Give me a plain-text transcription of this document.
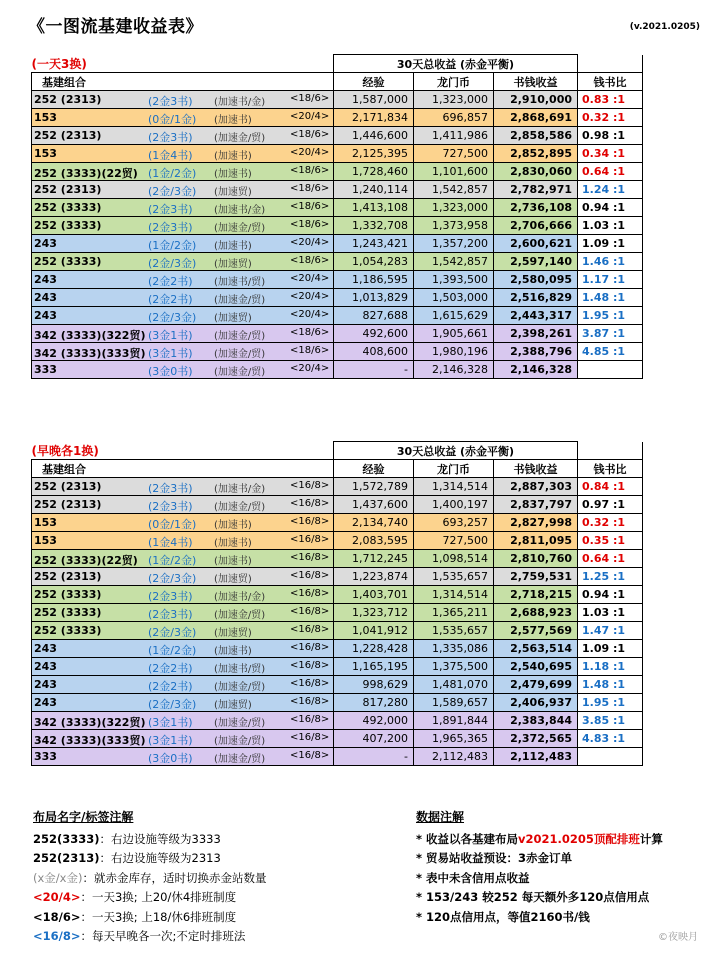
《一图流基建收益表》	(v.2021.0205)
(一天3换)	30天总收益 (赤金平衡)			
基建组合	经验	龙门币	书钱收益	钱书比

252 (2313) (2金3书) (加速书/金) <18/6>	1,587,000	1,323,000	2,910,000	0.83 :1

153 (0金/1金) (加速书) <20/4>	2,171,834	696,857	2,868,691	0.32 :1

252 (2313) (2金3书) (加速金/贸) <18/6>	1,446,600	1,411,986	2,858,586	0.98 :1

153 (1金4书) (加速书) <20/4>	2,125,395	727,500	2,852,895	0.34 :1

252 (3333)(22贸) (1金/2金) (加速书) <18/6>	1,728,460	1,101,600	2,830,060	0.64 :1

252 (2313) (2金/3金) (加速贸) <18/6>	1,240,114	1,542,857	2,782,971	1.24 :1

252 (3333) (2金3书) (加速书/金) <18/6>	1,413,108	1,323,000	2,736,108	0.94 :1

252 (3333) (2金3书) (加速金/贸) <18/6>	1,332,708	1,373,958	2,706,666	1.03 :1

243 (1金/2金) (加速书) <20/4>	1,243,421	1,357,200	2,600,621	1.09 :1

252 (3333) (2金/3金) (加速贸) <18/6>	1,054,283	1,542,857	2,597,140	1.46 :1

243 (2金2书) (加速书/贸) <20/4>	1,186,595	1,393,500	2,580,095	1.17 :1

243 (2金2书) (加速金/贸) <20/4>	1,013,829	1,503,000	2,516,829	1.48 :1

243 (2金/3金) (加速贸) <20/4>	827,688	1,615,629	2,443,317	1.95 :1

342 (3333)(322贸) (3金1书) (加速金/贸) <18/6>	492,600	1,905,661	2,398,261	3.87 :1

342 (3333)(333贸) (3金1书) (加速金/贸) <18/6>	408,600	1,980,196	2,388,796	4.85 :1

333 (3金0书) (加速金/贸) <20/4>	-	2,146,328	2,146,328	
(早晚各1换)	30天总收益 (赤金平衡)			
基建组合	经验	龙门币	书钱收益	钱书比

252 (2313) (2金3书) (加速书/金) <16/8>	1,572,789	1,314,514	2,887,303	0.84 :1

252 (2313) (2金3书) (加速金/贸) <16/8>	1,437,600	1,400,197	2,837,797	0.97 :1

153 (0金/1金) (加速书) <16/8>	2,134,740	693,257	2,827,998	0.32 :1

153 (1金4书) (加速书) <16/8>	2,083,595	727,500	2,811,095	0.35 :1

252 (3333)(22贸) (1金/2金) (加速书) <16/8>	1,712,245	1,098,514	2,810,760	0.64 :1

252 (2313) (2金/3金) (加速贸) <16/8>	1,223,874	1,535,657	2,759,531	1.25 :1

252 (3333) (2金3书) (加速书/金) <16/8>	1,403,701	1,314,514	2,718,215	0.94 :1

252 (3333) (2金3书) (加速金/贸) <16/8>	1,323,712	1,365,211	2,688,923	1.03 :1

252 (3333) (2金/3金) (加速贸) <16/8>	1,041,912	1,535,657	2,577,569	1.47 :1

243 (1金/2金) (加速书) <16/8>	1,228,428	1,335,086	2,563,514	1.09 :1

243 (2金2书) (加速书/贸) <16/8>	1,165,195	1,375,500	2,540,695	1.18 :1

243 (2金2书) (加速金/贸) <16/8>	998,629	1,481,070	2,479,699	1.48 :1

243 (2金/3金) (加速贸) <16/8>	817,280	1,589,657	2,406,937	1.95 :1

342 (3333)(322贸) (3金1书) (加速金/贸) <16/8>	492,000	1,891,844	2,383,844	3.85 :1

342 (3333)(333贸) (3金1书) (加速金/贸) <16/8>	407,200	1,965,365	2,372,565	4.83 :1

333 (3金0书) (加速金/贸) <16/8>	-	2,112,483	2,112,483	
布局名字/标签注解
252(3333)：右边设施等级为3333
252(2313)：右边设施等级为2313
(x金/x金)：就赤金库存，适时切换赤金站数量
<20/4>：一天3换; 上20/休4排班制度
<18/6>：一天3换; 上18/休6排班制度
<16/8>：每天早晚各一次;不定时排班法
数据注解
* 收益以各基建布局v2021.0205顶配排班计算
* 贸易站收益预设：3赤金订单
* 表中未含信用点收益
* 153/243 较252 每天额外多120点信用点
* 120点信用点，等值2160书/钱
©夜映月
